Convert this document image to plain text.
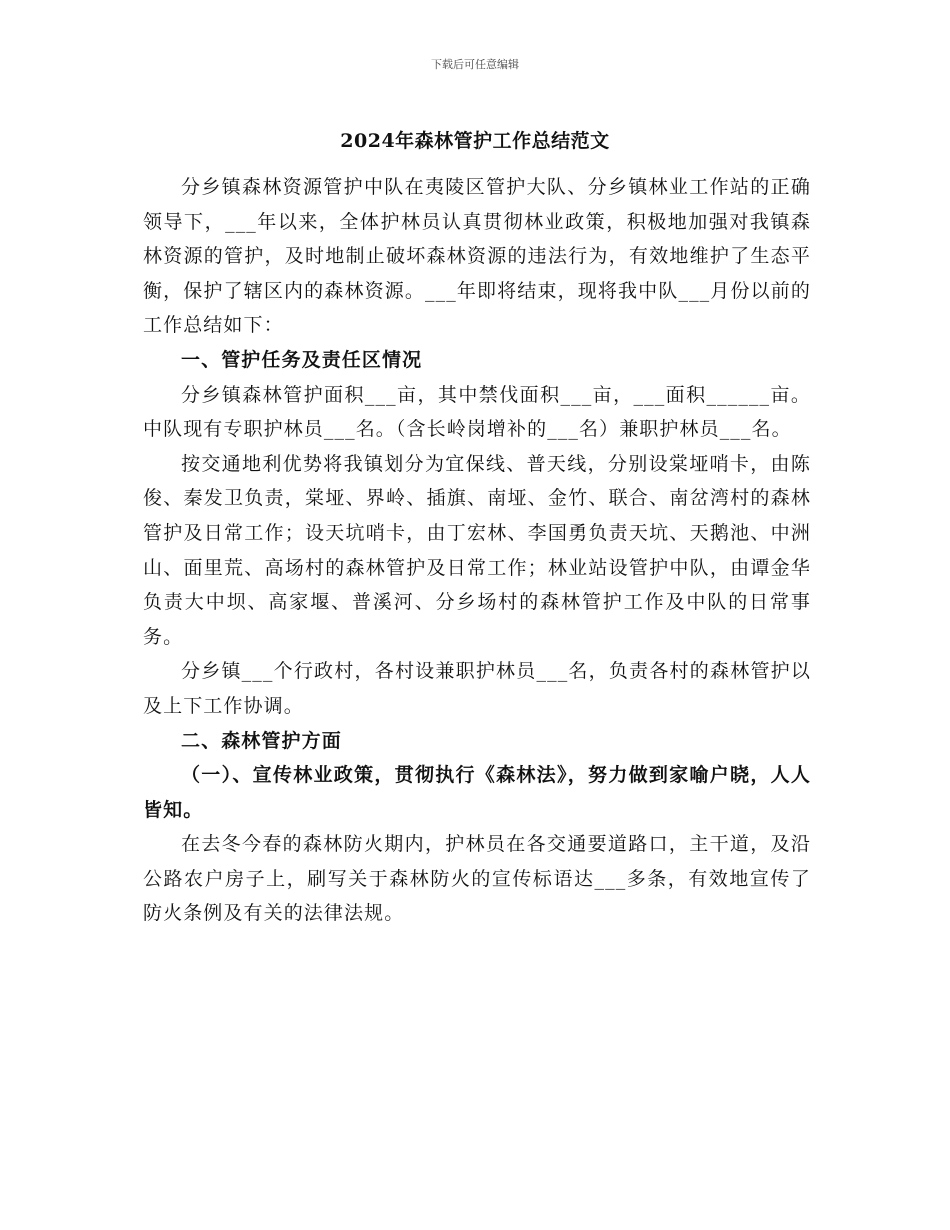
下载后可任意编辑
2024年森林管护工作总结范文

分乡镇森林资源管护中队在夷陵区管护大队、分乡镇林业工作站的正确领导下，___年以来，全体护林员认真贯彻林业政策，积极地加强对我镇森林资源的管护，及时地制止破坏森林资源的违法行为，有效地维护了生态平衡，保护了辖区内的森林资源。___年即将结束，现将我中队___月份以前的工作总结如下：

一、管护任务及责任区情况

分乡镇森林管护面积___亩，其中禁伐面积___亩，___面积______亩。中队现有专职护林员___名。（含长岭岗增补的___名）兼职护林员___名。

按交通地利优势将我镇划分为宜保线、普天线，分别设棠垭哨卡，由陈俊、秦发卫负责，棠垭、界岭、插旗、南垭、金竹、联合、南岔湾村的森林管护及日常工作；设天坑哨卡，由丁宏林、李国勇负责天坑、天鹅池、中洲山、面里荒、高场村的森林管护及日常工作；林业站设管护中队，由谭金华负责大中坝、高家堰、普溪河、分乡场村的森林管护工作及中队的日常事务。

分乡镇___个行政村，各村设兼职护林员___名，负责各村的森林管护以及上下工作协调。

二、森林管护方面

（一）、宣传林业政策，贯彻执行《森林法》，努力做到家喻户晓，人人皆知。

在去冬今春的森林防火期内，护林员在各交通要道路口，主干道，及沿公路农户房子上，刷写关于森林防火的宣传标语达___多条，有效地宣传了防火条例及有关的法律法规。
